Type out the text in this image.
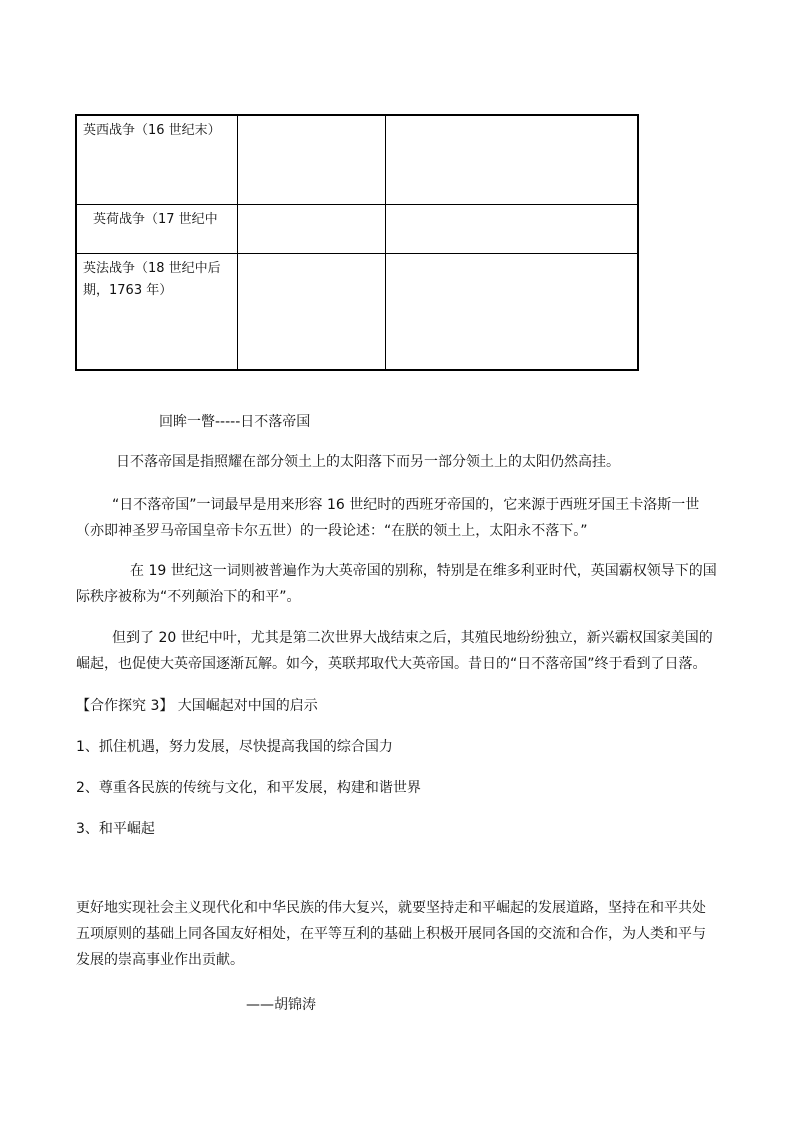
英西战争（16 世纪末）		
英荷战争（17 世纪中		
英法战争（18 世纪中后期，1763 年）		
回眸一瞥-----日不落帝国
日不落帝国是指照耀在部分领土上的太阳落下而另一部分领土上的太阳仍然高挂。
“日不落帝国”一词最早是用来形容 16 世纪时的西班牙帝国的，它来源于西班牙国王卡洛斯一世（亦即神圣罗马帝国皇帝卡尔五世）的一段论述：“在朕的领土上，太阳永不落下。”
在 19 世纪这一词则被普遍作为大英帝国的别称，特别是在维多利亚时代，英国霸权领导下的国际秩序被称为“不列颠治下的和平”。
但到了 20 世纪中叶，尤其是第二次世界大战结束之后，其殖民地纷纷独立，新兴霸权国家美国的崛起，也促使大英帝国逐渐瓦解。如今，英联邦取代大英帝国。昔日的“日不落帝国”终于看到了日落。
【合作探究 3】 大国崛起对中国的启示
1、抓住机遇，努力发展，尽快提高我国的综合国力
2、尊重各民族的传统与文化，和平发展，构建和谐世界
3、和平崛起
更好地实现社会主义现代化和中华民族的伟大复兴，就要坚持走和平崛起的发展道路，坚持在和平共处五项原则的基础上同各国友好相处，在平等互利的基础上积极开展同各国的交流和合作，为人类和平与发展的崇高事业作出贡献。
——胡锦涛
